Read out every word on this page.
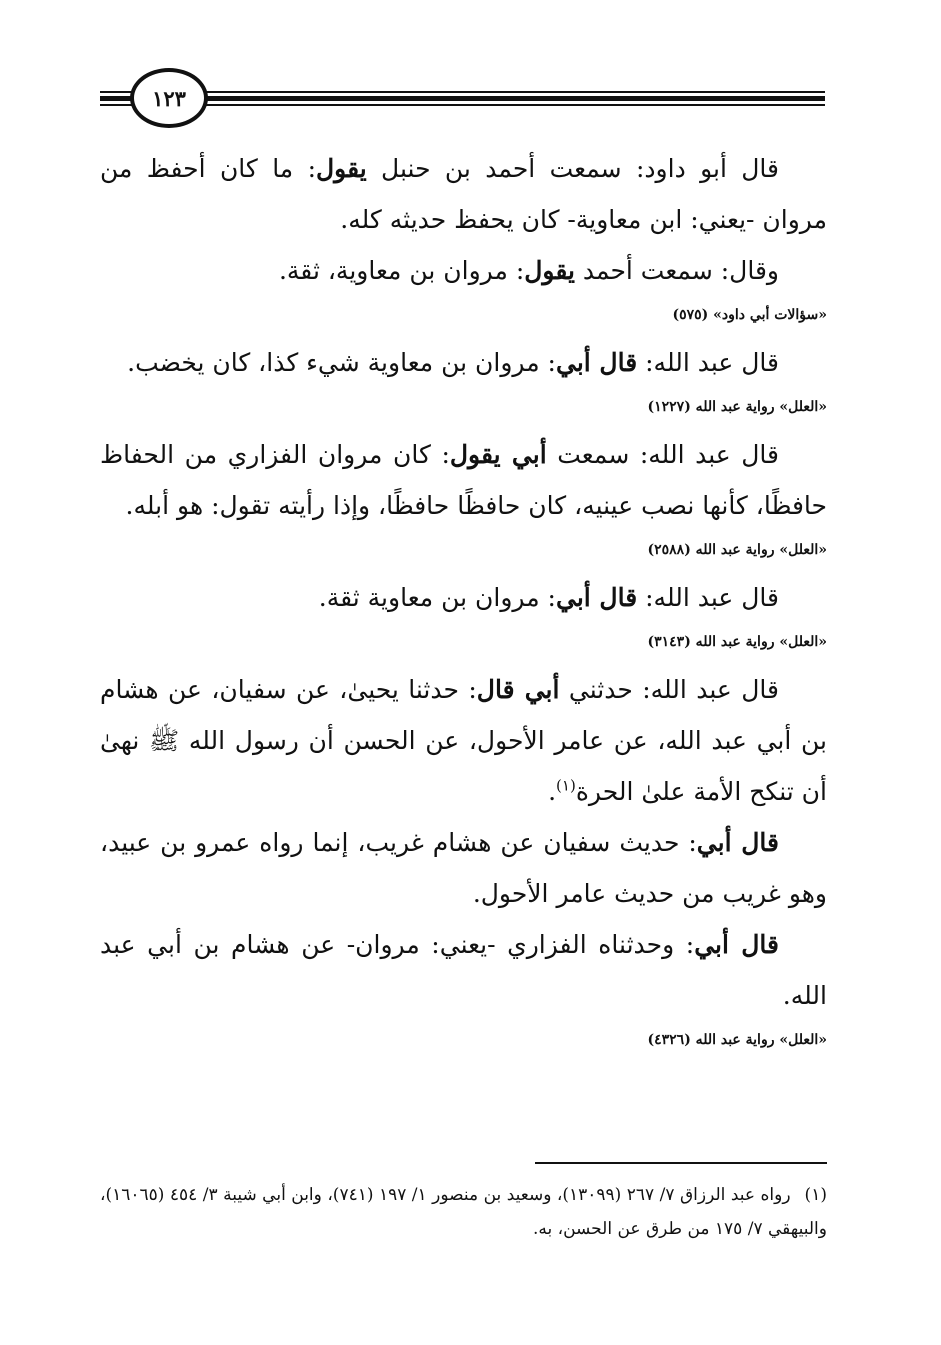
١٢٣

قال أبو داود: سمعت أحمد بن حنبل يقول: ما كان أحفظ من مروان -يعني: ابن معاوية- كان يحفظ حديثه كله.

وقال: سمعت أحمد يقول: مروان بن معاوية، ثقة.

«سؤالات أبي داود» (٥٧٥)

قال عبد الله: قال أبي: مروان بن معاوية شيء كذا، كان يخضب.

«العلل» رواية عبد الله (١٢٢٧)

قال عبد الله: سمعت أبي يقول: كان مروان الفزاري من الحفاظ حافظًا، كأنها نصب عينيه، كان حافظًا حافظًا، وإذا رأيته تقول: هو أبله.

«العلل» رواية عبد الله (٢٥٨٨)

قال عبد الله: قال أبي: مروان بن معاوية ثقة.

«العلل» رواية عبد الله (٣١٤٣)

قال عبد الله: حدثني أبي قال: حدثنا يحيىٰ، عن سفيان، عن هشام بن أبي عبد الله، عن عامر الأحول، عن الحسن أن رسول الله ﷺ نهىٰ أن تنكح الأمة علىٰ الحرة$^{(١)}$.

قال أبي: حديث سفيان عن هشام غريب، إنما رواه عمرو بن عبيد، وهو غريب من حديث عامر الأحول.

قال أبي: وحدثناه الفزاري -يعني: مروان- عن هشام بن أبي عبد الله.

«العلل» رواية عبد الله (٤٣٢٦)
(١)رواه عبد الرزاق ٧/ ٢٦٧ (١٣٠٩٩)، وسعيد بن منصور ١/ ١٩٧ (٧٤١)، وابن أبي شيبة ٣/ ٤٥٤ (١٦٠٦٥)، والبيهقي ٧/ ١٧٥ من طرق عن الحسن، به.
